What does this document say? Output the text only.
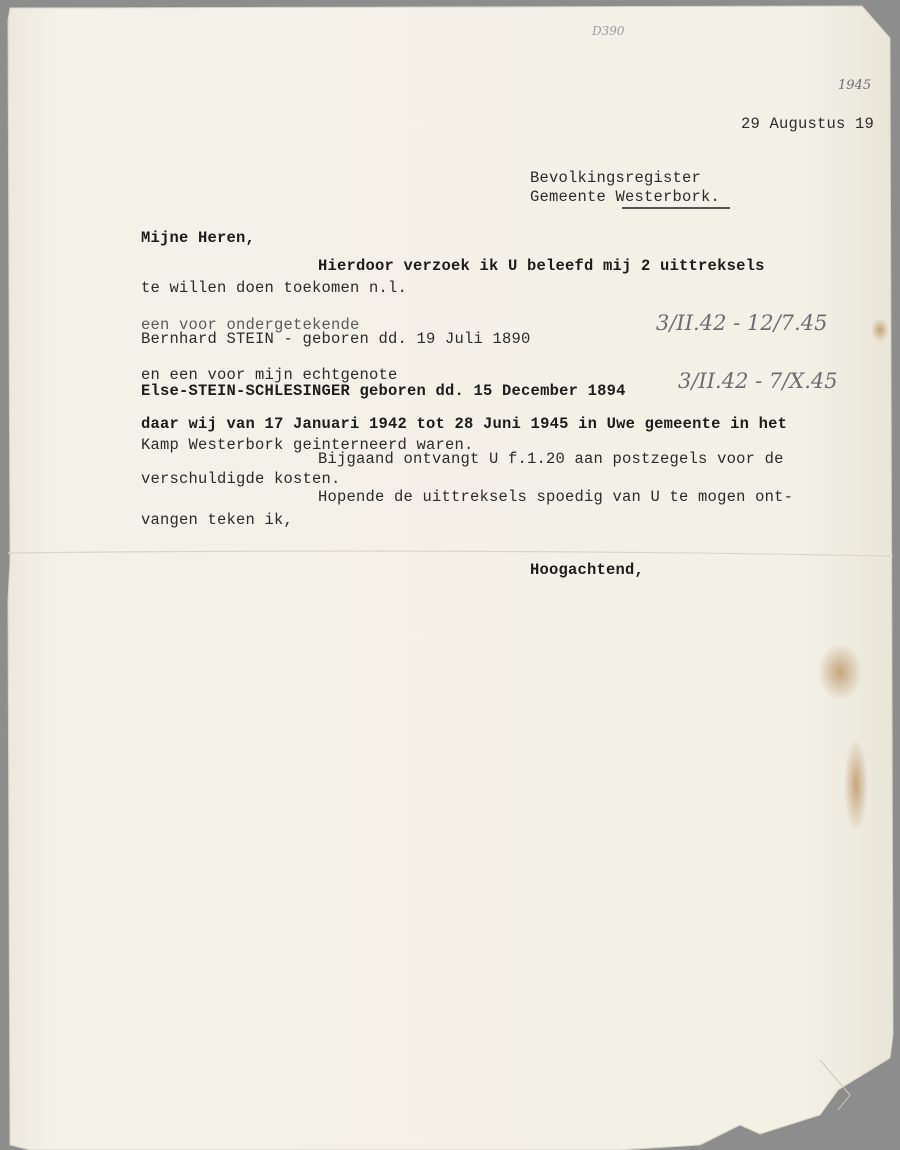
D390
1945
29 Augustus 19
Bevolkingsregister
Gemeente Westerbork.
Mijne Heren,
Hierdoor verzoek ik U beleefd mij 2 uittreksels
te willen doen toekomen n.l.
een voor ondergetekende
Bernhard STEIN - geboren dd. 19 Juli 1890
3/II.42 - 12/7.45
en een voor mijn echtgenote
Else-STEIN-SCHLESINGER geboren dd. 15 December 1894 3/II.42 - 7/X.45
daar wij van 17 Januari 1942 tot 28 Juni 1945 in Uwe gemeente in het
Kamp Westerbork geinterneerd waren.
Bijgaand ontvangt U f.1.20 aan postzegels voor de
verschuldigde kosten.
Hopende de uittreksels spoedig van U te mogen ont-
vangen teken ik,
Hoogachtend,
